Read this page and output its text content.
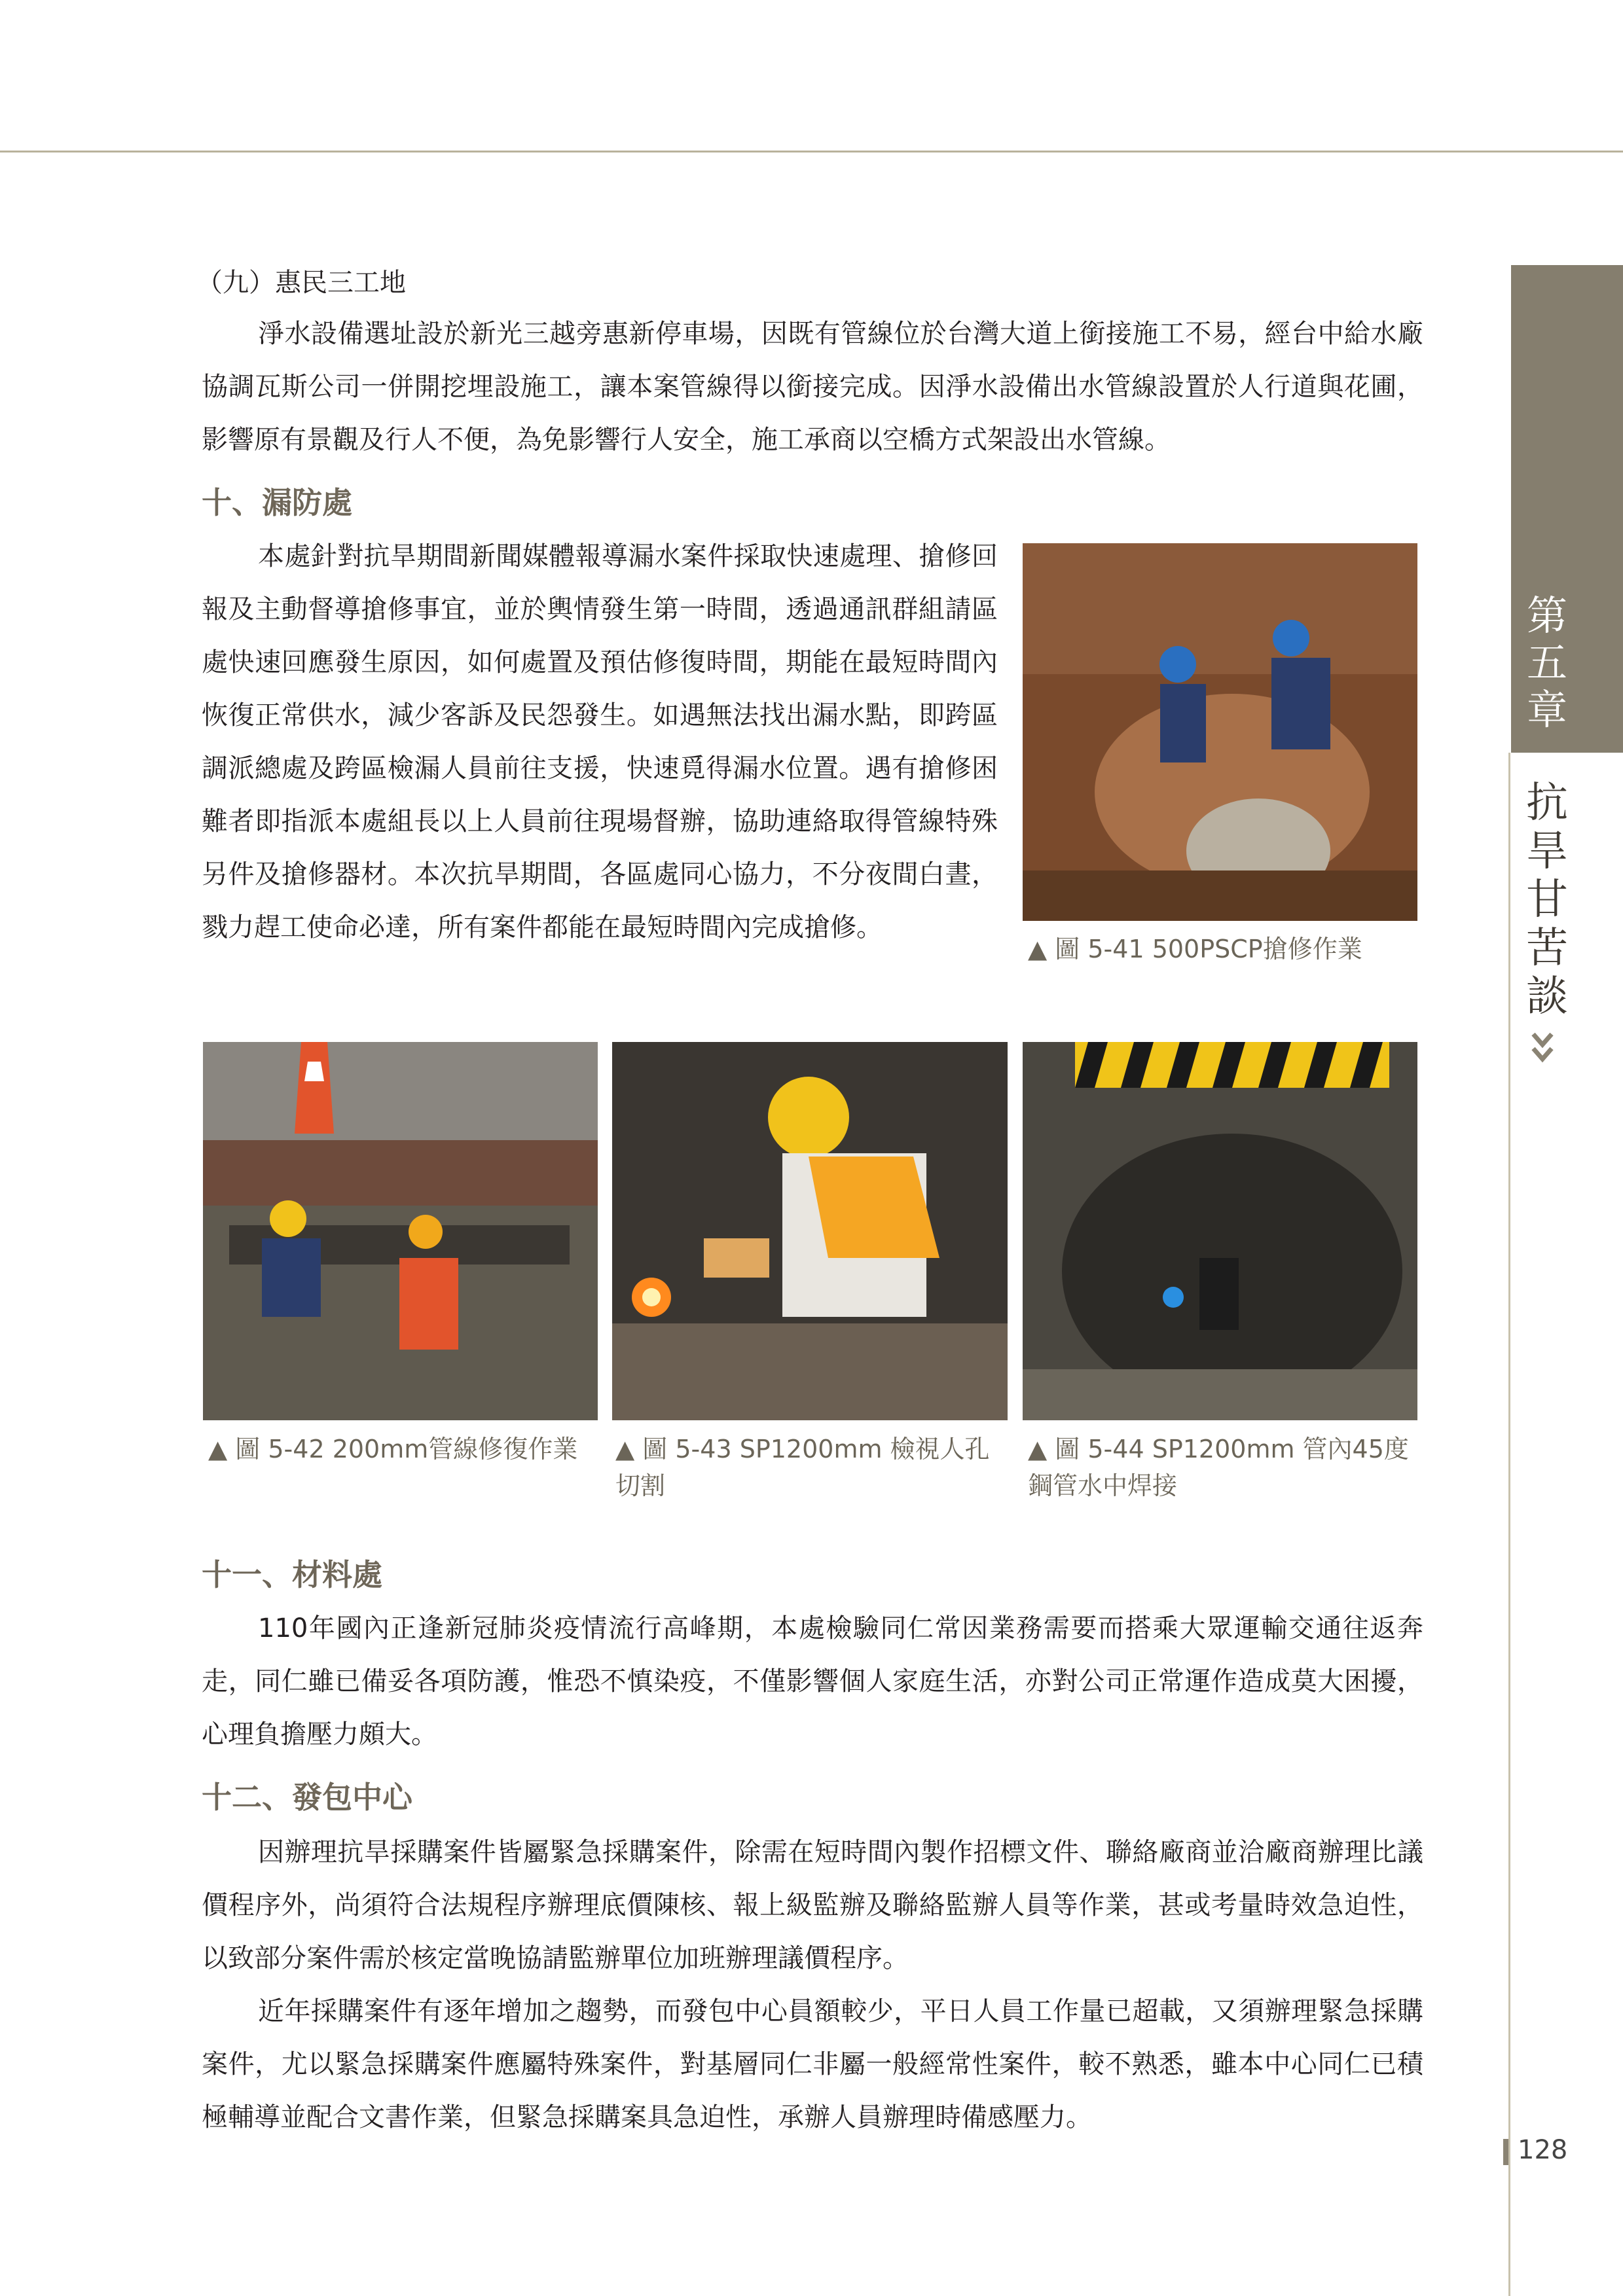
第五章
抗旱甘苦談
（九）惠民三工地
淨水設備選址設於新光三越旁惠新停車場，因既有管線位於台灣大道上銜接施工不易，經台中給水廠協調瓦斯公司一併開挖埋設施工，讓本案管線得以銜接完成。因淨水設備出水管線設置於人行道與花圃，影響原有景觀及行人不便，為免影響行人安全，施工承商以空橋方式架設出水管線。
十、漏防處
本處針對抗旱期間新聞媒體報導漏水案件採取快速處理、搶修回報及主動督導搶修事宜，並於輿情發生第一時間，透過通訊群組請區處快速回應發生原因，如何處置及預估修復時間，期能在最短時間內恢復正常供水，減少客訴及民怨發生。如遇無法找出漏水點，即跨區調派總處及跨區檢漏人員前往支援，快速覓得漏水位置。遇有搶修困難者即指派本處組長以上人員前往現場督辦，協助連絡取得管線特殊另件及搶修器材。本次抗旱期間，各區處同心協力，不分夜間白晝，戮力趕工使命必達，所有案件都能在最短時間內完成搶修。
▲ 圖 5-41 500PSCP搶修作業
▲ 圖 5-42 200mm管線修復作業	▲ 圖 5-43 SP1200mm 檢視人孔切割
▲ 圖 5-44 SP1200mm 管內45度鋼管水中焊接
十一、材料處
110年國內正逢新冠肺炎疫情流行高峰期，本處檢驗同仁常因業務需要而搭乘大眾運輸交通往返奔走，同仁雖已備妥各項防護，惟恐不慎染疫，不僅影響個人家庭生活，亦對公司正常運作造成莫大困擾，心理負擔壓力頗大。
十二、發包中心
因辦理抗旱採購案件皆屬緊急採購案件，除需在短時間內製作招標文件、聯絡廠商並洽廠商辦理比議價程序外，尚須符合法規程序辦理底價陳核、報上級監辦及聯絡監辦人員等作業，甚或考量時效急迫性，以致部分案件需於核定當晚協請監辦單位加班辦理議價程序。
近年採購案件有逐年增加之趨勢，而發包中心員額較少，平日人員工作量已超載，又須辦理緊急採購案件，尤以緊急採購案件應屬特殊案件，對基層同仁非屬一般經常性案件，較不熟悉，雖本中心同仁已積極輔導並配合文書作業，但緊急採購案具急迫性，承辦人員辦理時備感壓力。
128
